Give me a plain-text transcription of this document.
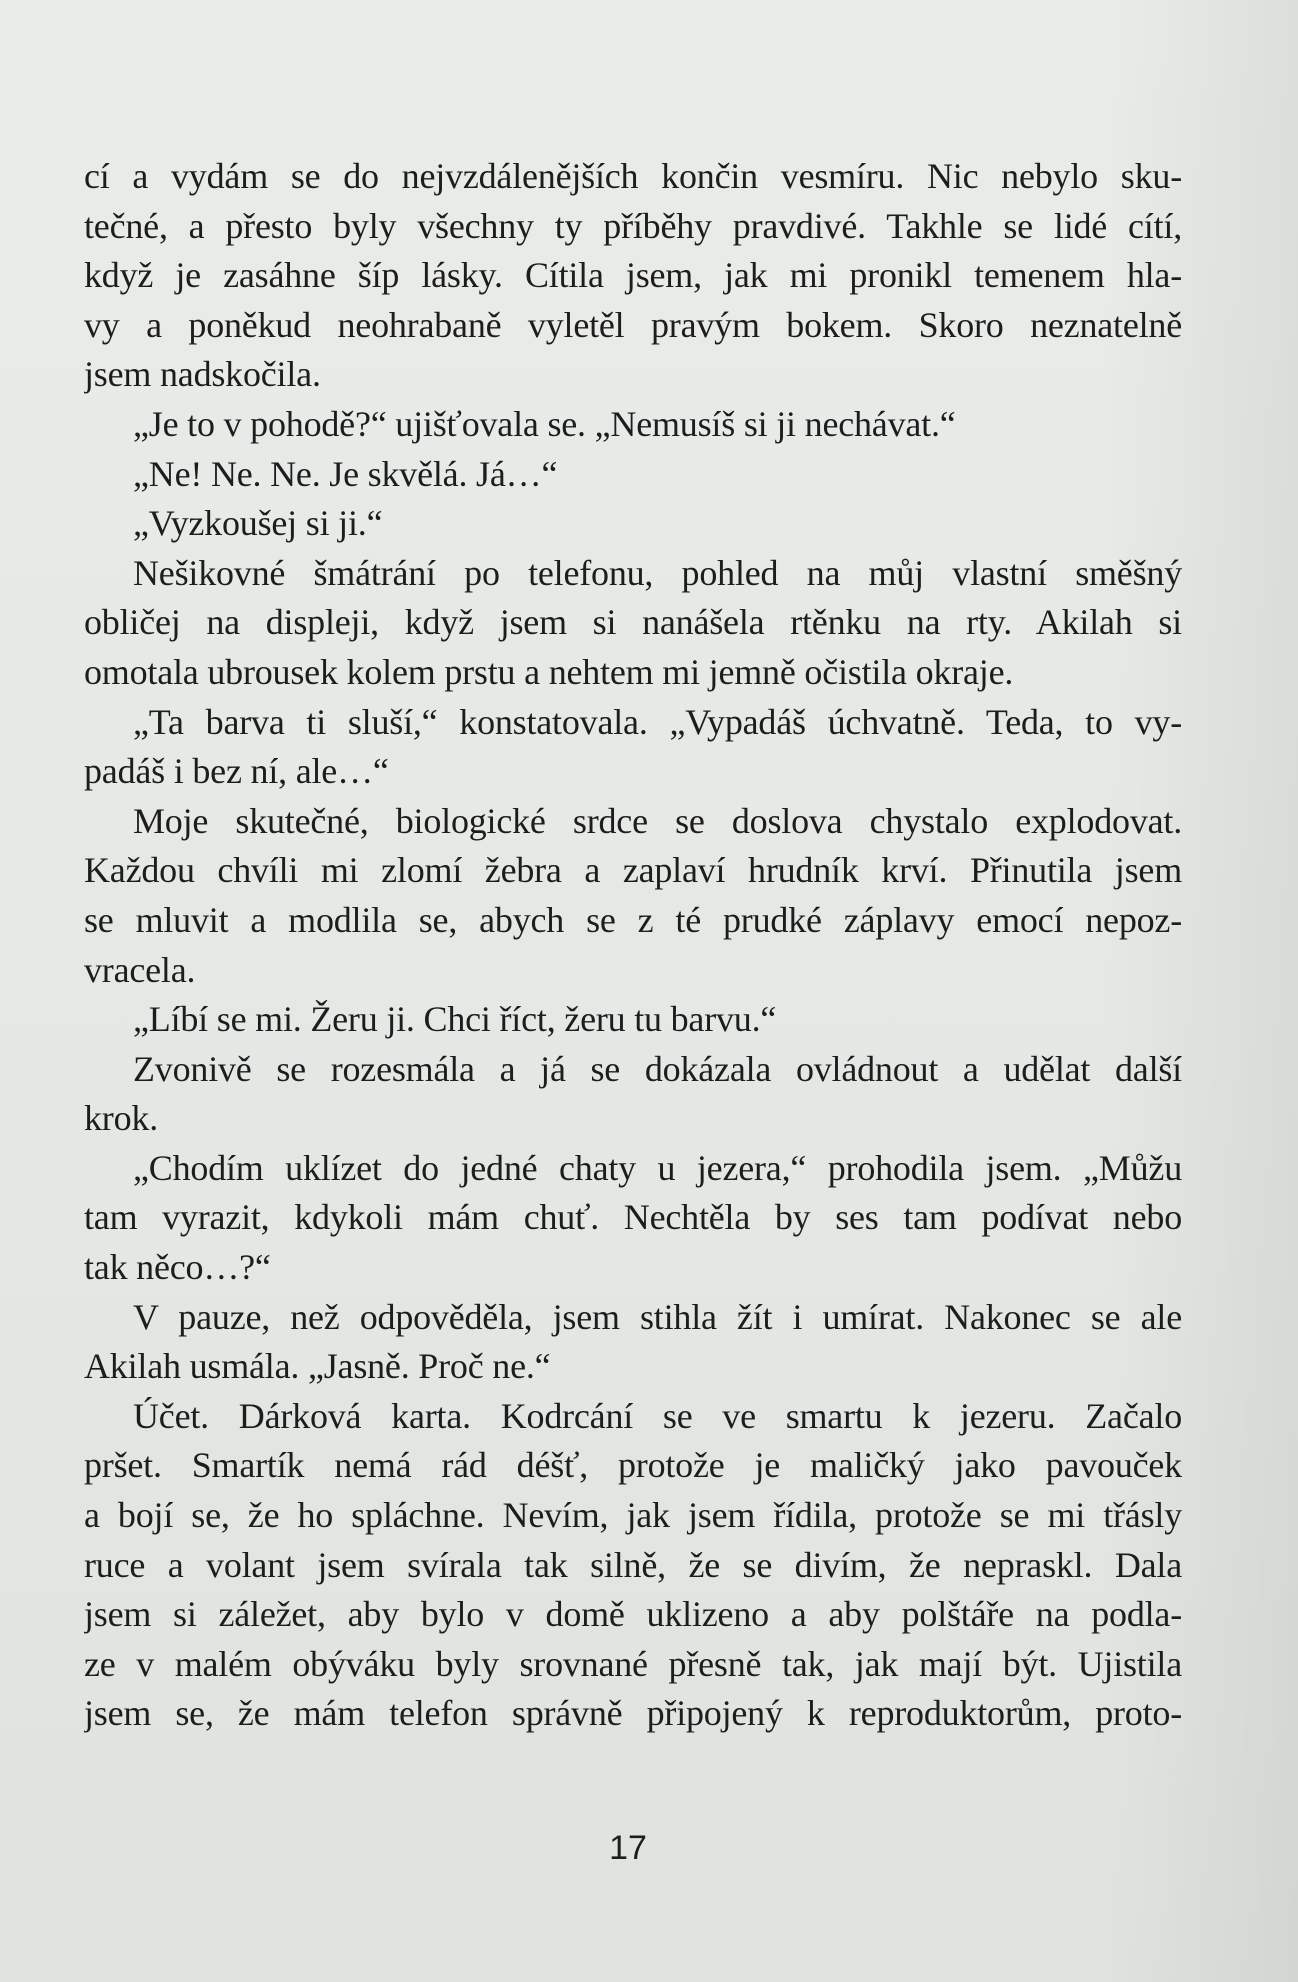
cí a vydám se do nejvzdálenějších končin vesmíru. Nic nebylo sku-
tečné, a přesto byly všechny ty příběhy pravdivé. Takhle se lidé cítí,
když je zasáhne šíp lásky. Cítila jsem, jak mi pronikl temenem hla-
vy a poněkud neohrabaně vyletěl pravým bokem. Skoro neznatelně
jsem nadskočila.
„Je to v pohodě?“ ujišťovala se. „Nemusíš si ji nechávat.“
„Ne! Ne. Ne. Je skvělá. Já…“
„Vyzkoušej si ji.“
Nešikovné šmátrání po telefonu, pohled na můj vlastní směšný
obličej na displeji, když jsem si nanášela rtěnku na rty. Akilah si
omotala ubrousek kolem prstu a nehtem mi jemně očistila okraje.
„Ta barva ti sluší,“ konstatovala. „Vypadáš úchvatně. Teda, to vy-
padáš i bez ní, ale…“
Moje skutečné, biologické srdce se doslova chystalo explodovat.
Každou chvíli mi zlomí žebra a zaplaví hrudník krví. Přinutila jsem
se mluvit a modlila se, abych se z té prudké záplavy emocí nepoz-
vracela.
„Líbí se mi. Žeru ji. Chci říct, žeru tu barvu.“
Zvonivě se rozesmála a já se dokázala ovládnout a udělat další
krok.
„Chodím uklízet do jedné chaty u jezera,“ prohodila jsem. „Můžu
tam vyrazit, kdykoli mám chuť. Nechtěla by ses tam podívat nebo
tak něco…?“
V pauze, než odpověděla, jsem stihla žít i umírat. Nakonec se ale
Akilah usmála. „Jasně. Proč ne.“
Účet. Dárková karta. Kodrcání se ve smartu k jezeru. Začalo
pršet. Smartík nemá rád déšť, protože je maličký jako pavouček
a bojí se, že ho spláchne. Nevím, jak jsem řídila, protože se mi třásly
ruce a volant jsem svírala tak silně, že se divím, že nepraskl. Dala
jsem si záležet, aby bylo v domě uklizeno a aby polštáře na podla-
ze v malém obýváku byly srovnané přesně tak, jak mají být. Ujistila
jsem se, že mám telefon správně připojený k reproduktorům, proto-
17
